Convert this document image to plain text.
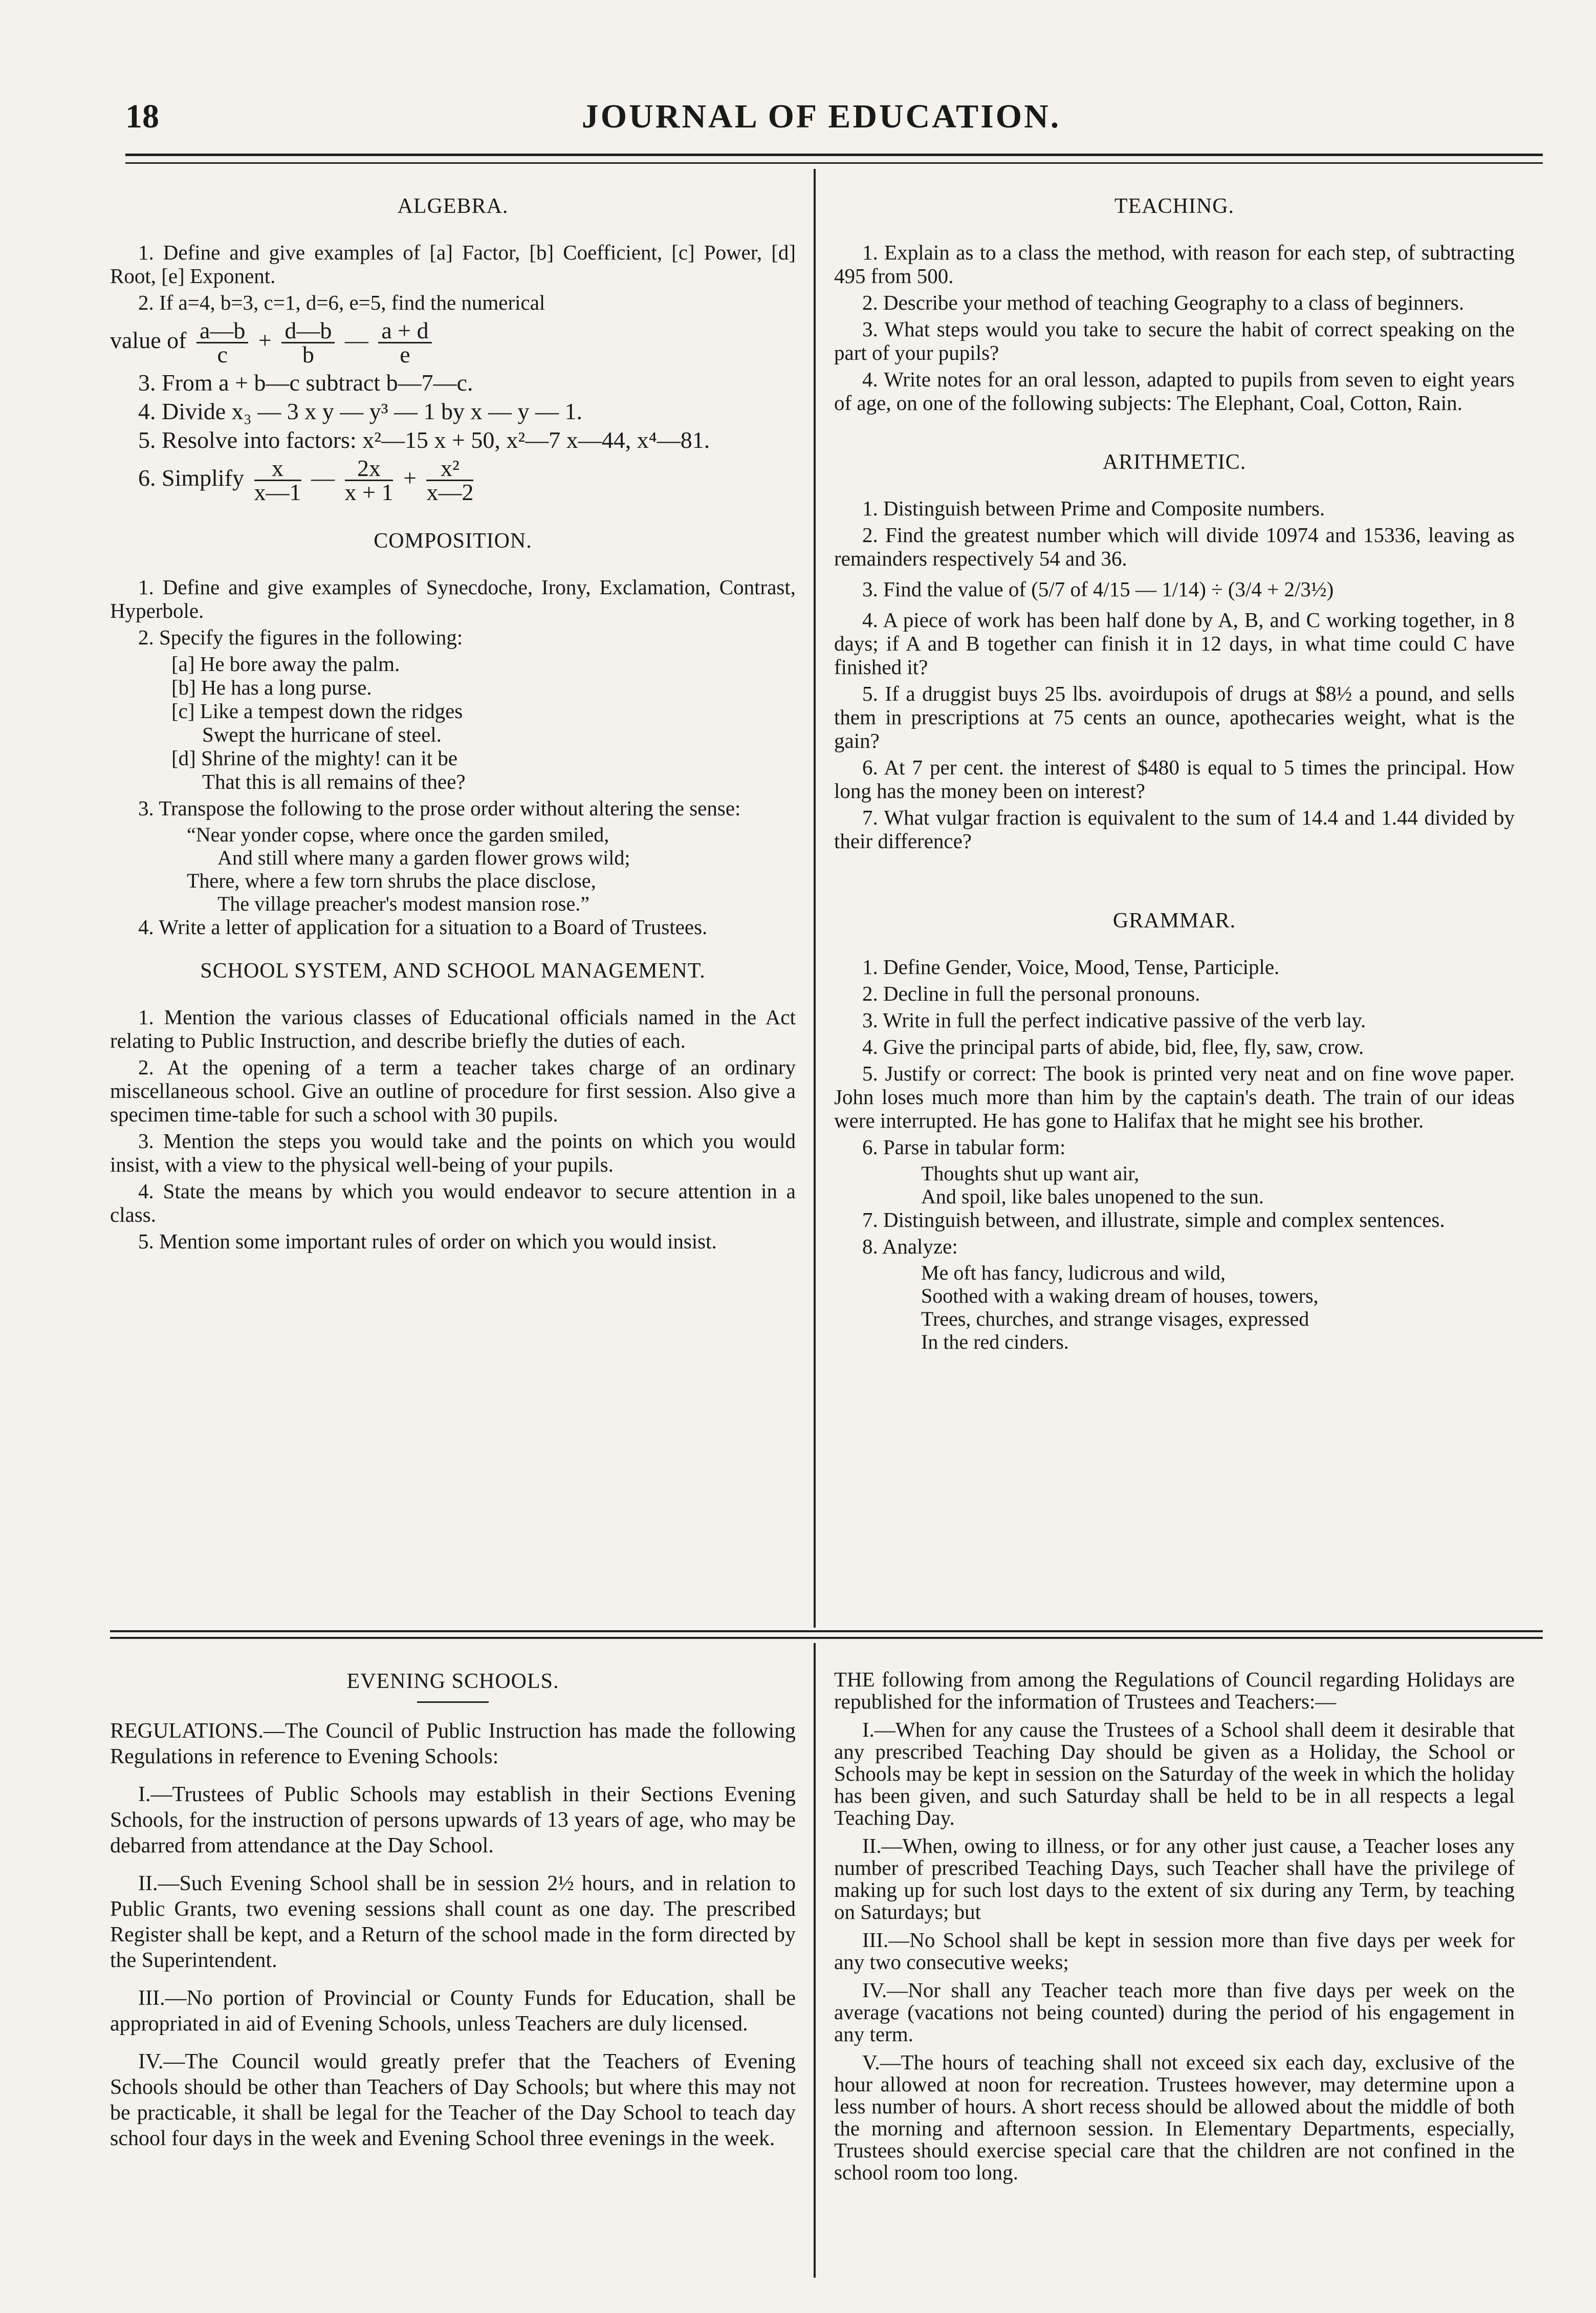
18	JOURNAL OF EDUCATION.
ALGEBRA.

1. Define and give examples of [a] Factor, [b] Coefficient, [c] Power, [d] Root, [e] Exponent.

2. If a=4, b=3, c=1, d=6, e=5, find the numerical

value of $\frac{a—b}{c} + \frac{d—b}{b}$ — $\frac{a + d}{e}$

3. From a + b—c subtract b—7—c.

4. Divide x₃ — 3 x y — y³ — 1 by x — y — 1.

5. Resolve into factors: x²—15 x + 50, x²—7 x—44, x⁴—81.

6. Simplify $\frac{x}{x—1}$ — $\frac{2x}{x + 1} + \frac{\text{x²}}{x—2}$
COMPOSITION.

1. Define and give examples of Synecdoche, Irony, Exclamation, Contrast, Hyperbole.

2. Specify the figures in the following:

[a] He bore away the palm.

[b] He has a long purse.

[c] Like a tempest down the ridges

Swept the hurricane of steel.

[d] Shrine of the mighty! can it be

That this is all remains of thee?

3. Transpose the following to the prose order without altering the sense:

“Near yonder copse, where once the garden smiled,

And still where many a garden flower grows wild;

There, where a few torn shrubs the place disclose,

The village preacher's modest mansion rose.”

4. Write a letter of application for a situation to a Board of Trustees.

SCHOOL SYSTEM, AND SCHOOL MANAGEMENT.

1. Mention the various classes of Educational officials named in the Act relating to Public Instruction, and describe briefly the duties of each.

2. At the opening of a term a teacher takes charge of an ordinary miscellaneous school. Give an outline of procedure for first session. Also give a specimen time-table for such a school with 30 pupils.

3. Mention the steps you would take and the points on which you would insist, with a view to the physical well-being of your pupils.

4. State the means by which you would endeavor to secure attention in a class.

5. Mention some important rules of order on which you would insist.

TEACHING.

1. Explain as to a class the method, with reason for each step, of subtracting 495 from 500.

2. Describe your method of teaching Geography to a class of beginners.

3. What steps would you take to secure the habit of correct speaking on the part of your pupils?

4. Write notes for an oral lesson, adapted to pupils from seven to eight years of age, on one of the following subjects: The Elephant, Coal, Cotton, Rain.

ARITHMETIC.

1. Distinguish between Prime and Composite numbers.

2. Find the greatest number which will divide 10974 and 15336, leaving as remainders respectively 54 and 36.

3. Find the value of (5/7 of 4/15 — 1/14) ÷ (3/4 + 2/3½)

4. A piece of work has been half done by A, B, and C working together, in 8 days; if A and B together can finish it in 12 days, in what time could C have finished it?

5. If a druggist buys 25 lbs. avoirdupois of drugs at $8½ a pound, and sells them in prescriptions at 75 cents an ounce, apothecaries weight, what is the gain?

6. At 7 per cent. the interest of $480 is equal to 5 times the principal. How long has the money been on interest?

7. What vulgar fraction is equivalent to the sum of 14.4 and 1.44 divided by their difference?

GRAMMAR.

1. Define Gender, Voice, Mood, Tense, Participle.

2. Decline in full the personal pronouns.

3. Write in full the perfect indicative passive of the verb lay.

4. Give the principal parts of abide, bid, flee, fly, saw, crow.

5. Justify or correct: The book is printed very neat and on fine wove paper. John loses much more than him by the captain's death. The train of our ideas were interrupted. He has gone to Halifax that he might see his brother.

6. Parse in tabular form:

Thoughts shut up want air,

And spoil, like bales unopened to the sun.

7. Distinguish between, and illustrate, simple and complex sentences.

8. Analyze:

Me oft has fancy, ludicrous and wild,

Soothed with a waking dream of houses, towers,

Trees, churches, and strange visages, expressed

In the red cinders.

EVENING SCHOOLS.

REGULATIONS.—The Council of Public Instruction has made the following Regulations in reference to Evening Schools:

I.—Trustees of Public Schools may establish in their Sections Evening Schools, for the instruction of persons upwards of 13 years of age, who may be debarred from attendance at the Day School.

II.—Such Evening School shall be in session 2½ hours, and in relation to Public Grants, two evening sessions shall count as one day. The prescribed Register shall be kept, and a Return of the school made in the form directed by the Superintendent.

III.—No portion of Provincial or County Funds for Education, shall be appropriated in aid of Evening Schools, unless Teachers are duly licensed.

IV.—The Council would greatly prefer that the Teachers of Evening Schools should be other than Teachers of Day Schools; but where this may not be practicable, it shall be legal for the Teacher of the Day School to teach day school four days in the week and Evening School three evenings in the week.

THE following from among the Regulations of Council regarding Holidays are republished for the information of Trustees and Teachers:—

I.—When for any cause the Trustees of a School shall deem it desirable that any prescribed Teaching Day should be given as a Holiday, the School or Schools may be kept in session on the Saturday of the week in which the holiday has been given, and such Saturday shall be held to be in all respects a legal Teaching Day.

II.—When, owing to illness, or for any other just cause, a Teacher loses any number of prescribed Teaching Days, such Teacher shall have the privilege of making up for such lost days to the extent of six during any Term, by teaching on Saturdays; but

III.—No School shall be kept in session more than five days per week for any two consecutive weeks;

IV.—Nor shall any Teacher teach more than five days per week on the average (vacations not being counted) during the period of his engagement in any term.

V.—The hours of teaching shall not exceed six each day, exclusive of the hour allowed at noon for recreation. Trustees however, may determine upon a less number of hours. A short recess should be allowed about the middle of both the morning and afternoon session. In Elementary Departments, especially, Trustees should exercise special care that the children are not confined in the school room too long.
